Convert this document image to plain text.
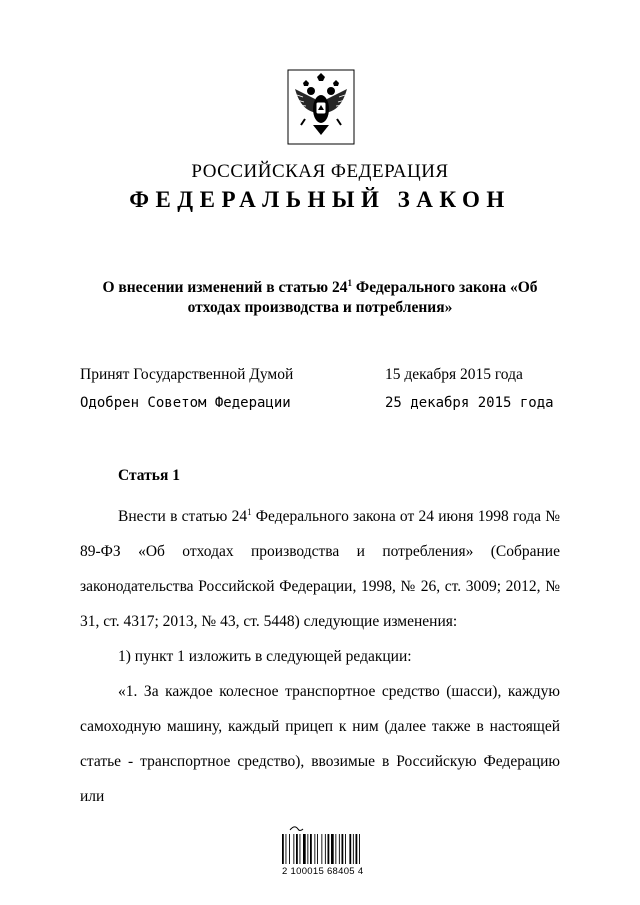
РОССИЙСКАЯ ФЕДЕРАЦИЯ
ФЕДЕРАЛЬНЫЙ ЗАКОН
О внесении изменений в статью $24^1$ Федерального закона «Об отходах производства и потребления»
Принят Государственной Думой	15 декабря 2015 года
Одобрен Советом Федерации	25 декабря 2015 года
Статья 1

Внести в статью $24^1$ Федерального закона от 24 июня 1998 года № 89-ФЗ «Об отходах производства и потребления» (Собрание законодательства Российской Федерации, 1998, № 26, ст. 3009; 2012, № 31, ст. 4317; 2013, № 43, ст. 5448) следующие изменения:

1) пункт 1 изложить в следующей редакции:

«1. За каждое колесное транспортное средство (шасси), каждую самоходную машину, каждый прицеп к ним (далее также в настоящей статье - транспортное средство), ввозимые в Российскую Федерацию или

2 100015 68405 4
